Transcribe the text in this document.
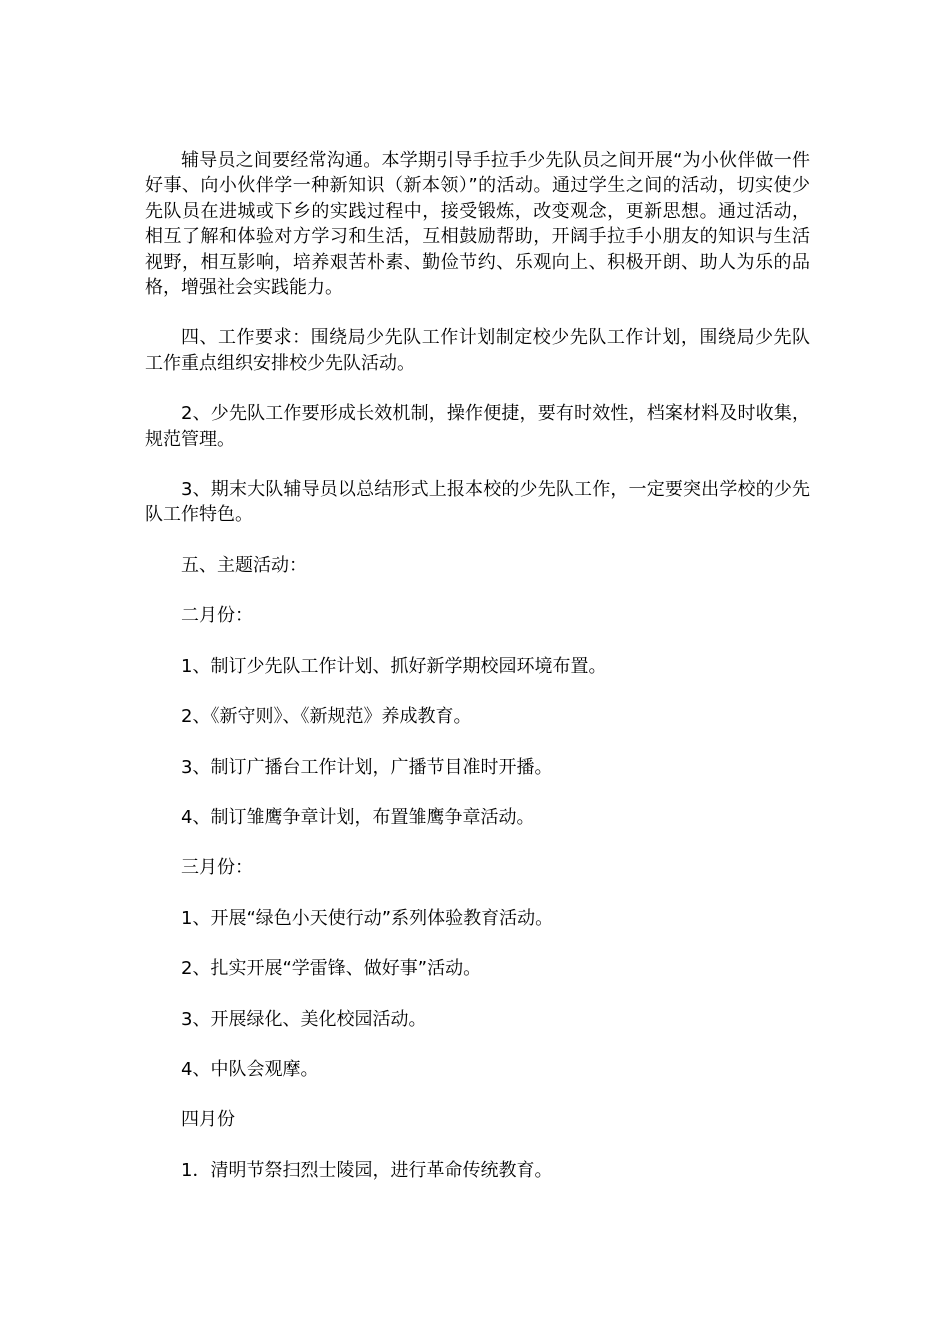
辅导员之间要经常沟通。本学期引导手拉手少先队员之间开展“为小伙伴做一件好事、向小伙伴学一种新知识（新本领）”的活动。通过学生之间的活动，切实使少先队员在进城或下乡的实践过程中，接受锻炼，改变观念，更新思想。通过活动，相互了解和体验对方学习和生活，互相鼓励帮助，开阔手拉手小朋友的知识与生活视野，相互影响，培养艰苦朴素、勤俭节约、乐观向上、积极开朗、助人为乐的品格，增强社会实践能力。

四、工作要求：围绕局少先队工作计划制定校少先队工作计划，围绕局少先队工作重点组织安排校少先队活动。

2、少先队工作要形成长效机制，操作便捷，要有时效性，档案材料及时收集，规范管理。

3、期末大队辅导员以总结形式上报本校的少先队工作，一定要突出学校的少先队工作特色。

五、主题活动：

二月份：

1、制订少先队工作计划、抓好新学期校园环境布置。

2、《新守则》、《新规范》养成教育。

3、制订广播台工作计划，广播节目准时开播。

4、制订雏鹰争章计划，布置雏鹰争章活动。

三月份：

1、开展“绿色小天使行动”系列体验教育活动。

2、扎实开展“学雷锋、做好事”活动。

3、开展绿化、美化校园活动。

4、中队会观摩。

四月份

1．清明节祭扫烈士陵园，进行革命传统教育。
